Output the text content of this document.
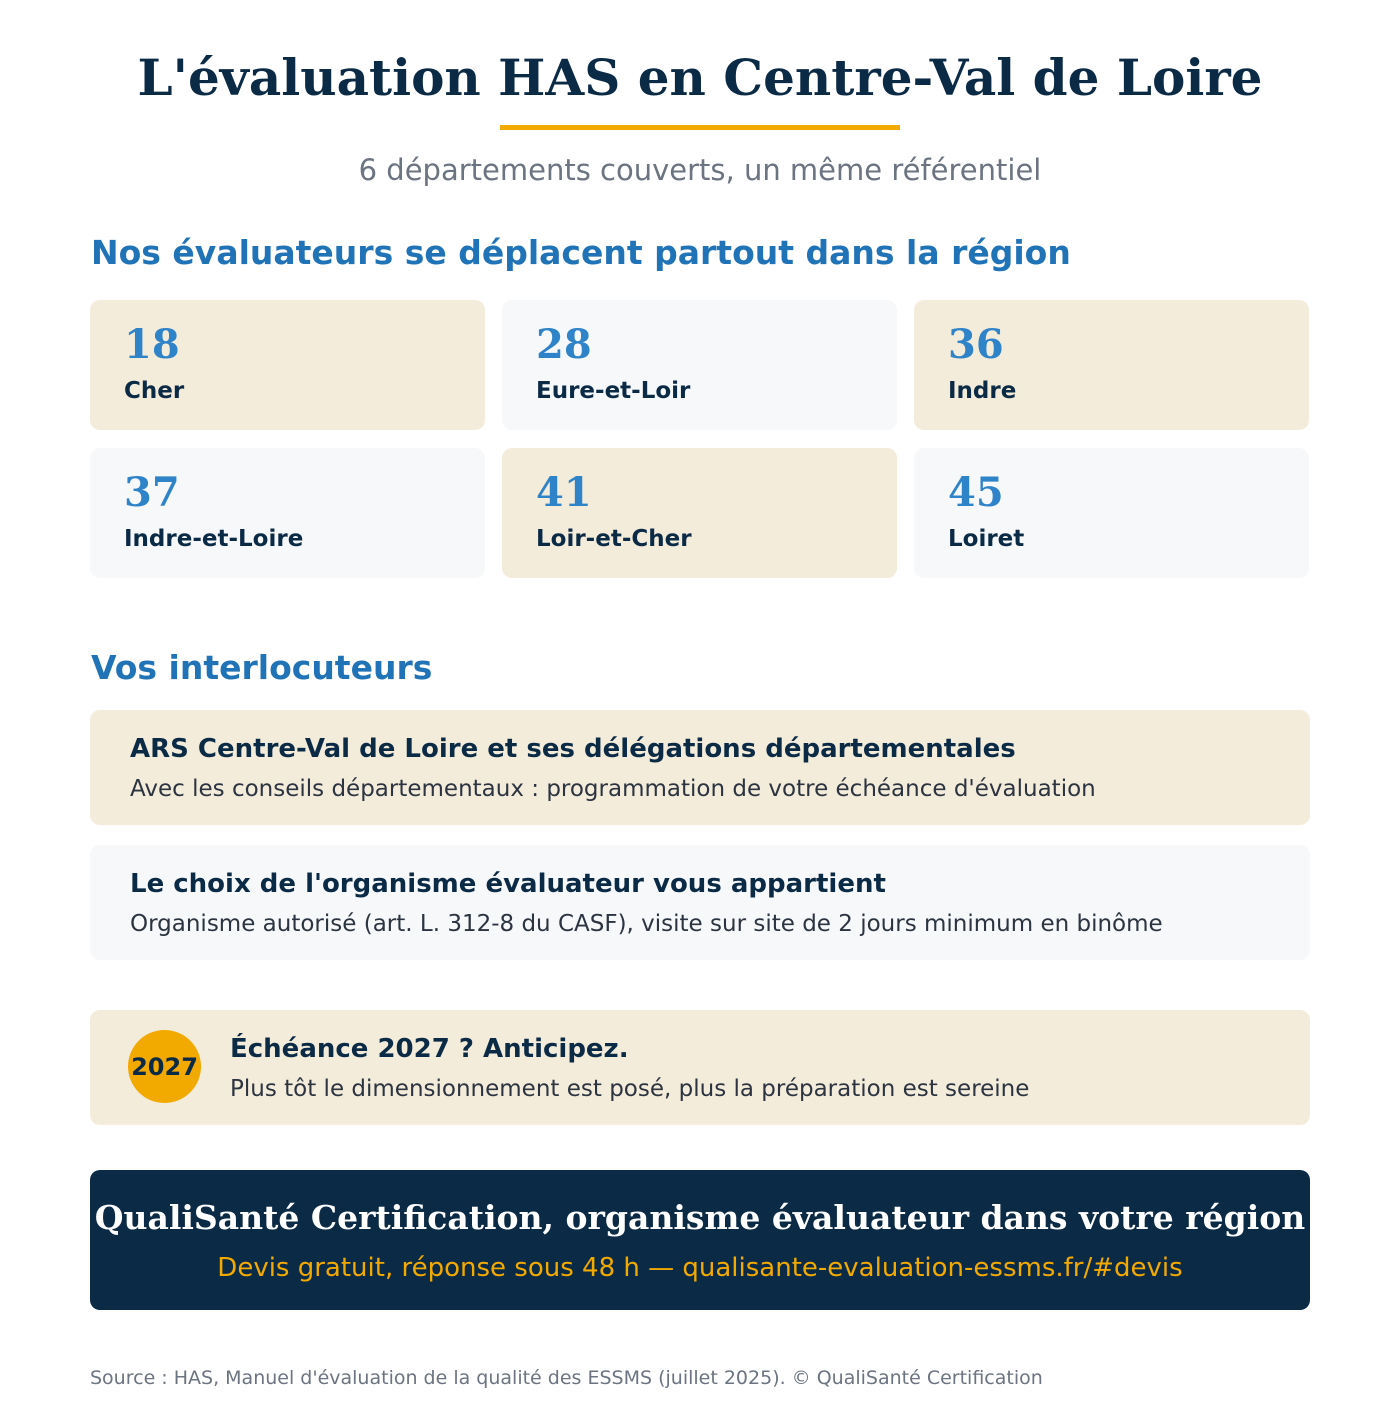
L'évaluation HAS en Centre-Val de Loire

6 départements couverts, un même référentiel

Nos évaluateurs se déplacent partout dans la région
18
Cher
28
Eure-et-Loir
36
Indre
37
Indre-et-Loire
41
Loir-et-Cher
45
Loiret
Vos interlocuteurs
ARS Centre-Val de Loire et ses délégations départementales
Avec les conseils départementaux : programmation de votre échéance d'évaluation
Le choix de l'organisme évaluateur vous appartient
Organisme autorisé (art. L. 312-8 du CASF), visite sur site de 2 jours minimum en binôme
2027
Échéance 2027 ? Anticipez.
Plus tôt le dimensionnement est posé, plus la préparation est sereine
QualiSanté Certification, organisme évaluateur dans votre région
Devis gratuit, réponse sous 48 h — qualisante-evaluation-essms.fr/#devis

Source : HAS, Manuel d'évaluation de la qualité des ESSMS (juillet 2025). © QualiSanté Certification
